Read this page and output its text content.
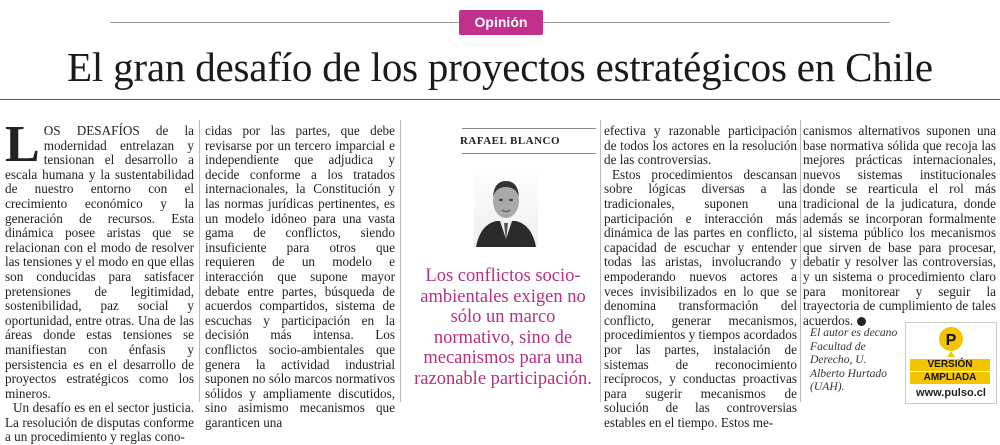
Opinión
El gran desafío de los proyectos estratégicos en Chile

LOS DESAFÍOS de la modernidad entrelazan y tensionan el desarrollo a escala humana y la sustentabilidad de nuestro entorno con el crecimiento económico y la generación de recursos. Esta dinámica posee aristas que se relacionan con el modo de resolver las tensiones y el modo en que ellas son conducidas para satisfacer pretensiones de legitimidad, sostenibilidad, paz social y oportunidad, entre otras. Una de las áreas donde estas tensiones se manifiestan con énfasis y persistencia es en el desarrollo de proyectos estratégicos como los mineros.

Un desafío es en el sector justicia. La resolución de disputas conforme a un procedimiento y reglas cono-

cidas por las partes, que debe revisarse por un tercero imparcial e independiente que adjudica y decide conforme a los tratados internacionales, la Constitución y las normas jurídicas pertinentes, es un modelo idóneo para una vasta gama de conflictos, siendo insuficiente para otros que requieren de un modelo e interacción que supone mayor debate entre partes, búsqueda de acuerdos compartidos, sistema de escuchas y participación en la decisión más intensa. Los conflictos socio-ambientales que genera la actividad industrial suponen no sólo marcos normativos sólidos y ampliamente discutidos, sino asimismo mecanismos que garanticen una

RAFAEL BLANCO
Los conflictos socio-ambientales exigen no sólo un marco normativo, sino de mecanismos para una razonable participación.

efectiva y razonable participación de todos los actores en la resolución de las controversias.

Estos procedimientos descansan sobre lógicas diversas a las tradicionales, suponen una participación e interacción más dinámica de las partes en conflicto, capacidad de escuchar y entender todas las aristas, involucrando y empoderando nuevos actores a veces invisibilizados en lo que se denomina transformación del conflicto, generar mecanismos, procedimientos y tiempos acordados por las partes, instalación de sistemas de reconocimiento recíprocos, y conductas proactivas para sugerir mecanismos de solución de las controversias estables en el tiempo. Estos me-

canismos alternativos suponen una base normativa sólida que recoja las mejores prácticas internacionales, nuevos sistemas institucionales donde se rearticula el rol más tradicional de la judicatura, donde además se incorporan formalmente al sistema público los mecanismos que sirven de base para procesar, debatir y resolver las controversias, y un sistema o procedimiento claro para monitorear y seguir la trayectoria de cumplimiento de tales acuerdos.

El autor es decano Facultad de Derecho, U. Alberto Hurtado (UAH).
P
VERSIÓN
AMPLIADA
www.pulso.cl
